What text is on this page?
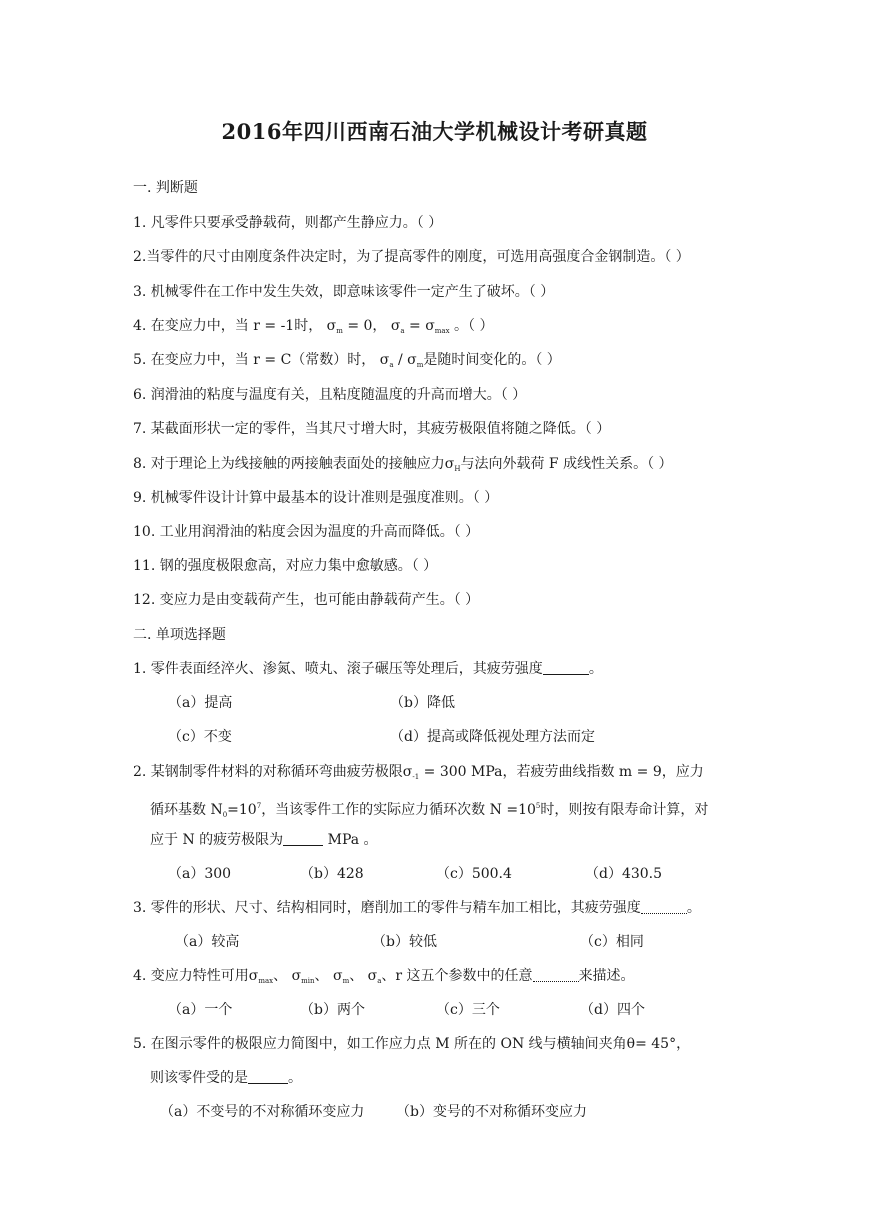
2016年四川西南石油大学机械设计考研真题
一. 判断题
1. 凡零件只要承受静载荷，则都产生静应力。（ ）
2.当零件的尺寸由刚度条件决定时，为了提高零件的刚度，可选用高强度合金钢制造。（ ）
3. 机械零件在工作中发生失效，即意味该零件一定产生了破坏。（ ）
4. 在变应力中，当 r = -1时， $\sigma_m = 0$， $\sigma_a = \sigma_{max}$ 。（ ）
5. 在变应力中，当 r = C（常数）时， $\sigma_a / \sigma_m$是随时间变化的。（ ）
6. 润滑油的粘度与温度有关，且粘度随温度的升高而增大。（ ）
7. 某截面形状一定的零件，当其尺寸增大时，其疲劳极限值将随之降低。（ ）
8. 对于理论上为线接触的两接触表面处的接触应力$\sigma_H$与法向外载荷 F 成线性关系。（ ）
9. 机械零件设计计算中最基本的设计准则是强度准则。（ ）
10. 工业用润滑油的粘度会因为温度的升高而降低。（ ）
11. 钢的强度极限愈高，对应力集中愈敏感。（ ）
12. 变应力是由变载荷产生，也可能由静载荷产生。（ ）
二. 单项选择题
1. 零件表面经淬火、渗氮、喷丸、滚子碾压等处理后，其疲劳强度	。
（a）提高	（b）降低
（c）不变	（d）提高或降低视处理方法而定
2. 某钢制零件材料的对称循环弯曲疲劳极限$\sigma_{-1} = 300$ MPa，若疲劳曲线指数 m = 9，应力
循环基数 $N_0=10^7$，当该零件工作的实际应力循环次数 $N =10^5$时，则按有限寿命计算，对
应于 N 的疲劳极限为	MPa 。
（a）300	（b）428	（c）500.4	（d）430.5
3. 零件的形状、尺寸、结构相同时，磨削加工的零件与精车加工相比，其疲劳强度	。
（a）较高	（b）较低	（c）相同
4. 变应力特性可用$\sigma_{max}$、 $\sigma_{min}$、 $\sigma_m$、 $\sigma_a$、r 这五个参数中的任意	来描述。
（a）一个	（b）两个	（c）三个	（d）四个
5. 在图示零件的极限应力简图中，如工作应力点 M 所在的 ON 线与横轴间夹角θ= 45°，
则该零件受的是	。
（a）不变号的不对称循环变应力 （b）变号的不对称循环变应力
